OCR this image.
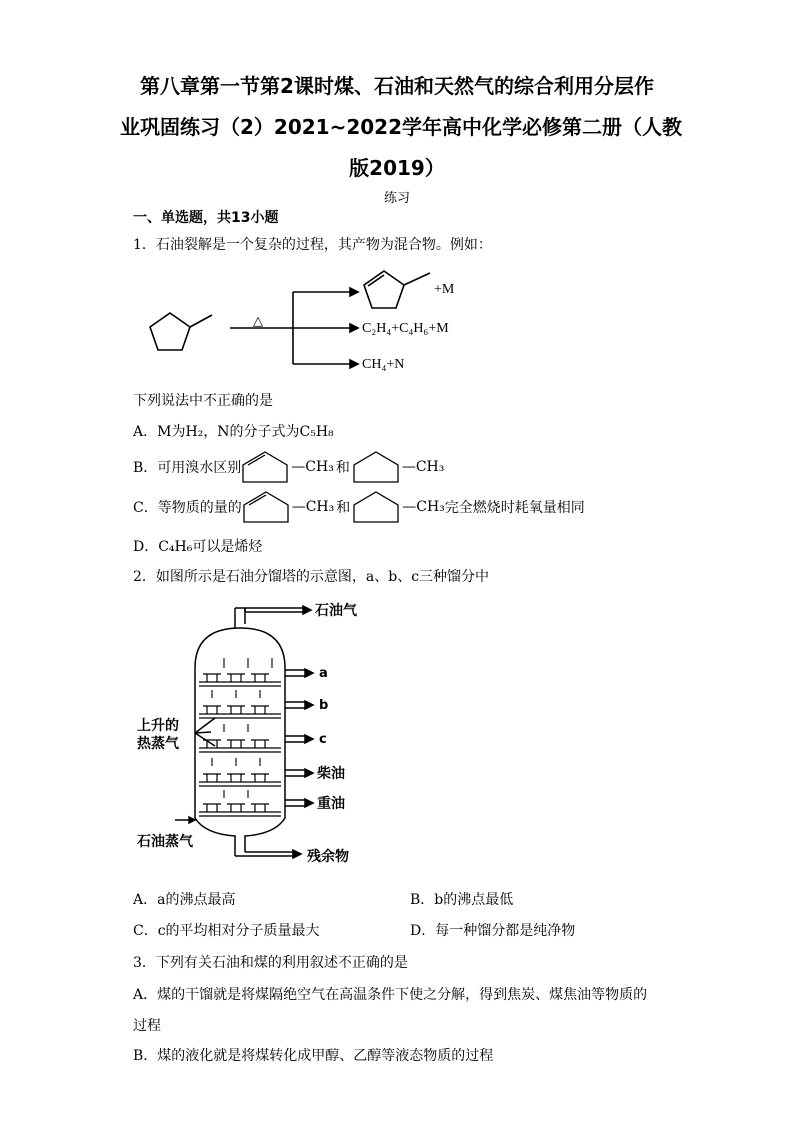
第八章第一节第2课时煤、石油和天然气的综合利用分层作
业巩固练习（2）2021~2022学年高中化学必修第二册（人教
版2019）
练习
一、单选题，共13小题
1．石油裂解是一个复杂的过程，其产物为混合物。例如：
△
+M
C₂H₄+C₄H₆+M
CH₄+N
下列说法中不正确的是
A．M为H₂，N的分子式为C₅H₈
B．可用溴水区别	—CH₃ 和	—CH₃
C．等物质的量的	—CH₃ 和	—CH₃ 完全燃烧时耗氧量相同
D．C₄H₆可以是烯烃
2．如图所示是石油分馏塔的示意图，a、b、c三种馏分中
石油气
a
b
c
柴油
重油
上升的
热蒸气
石油蒸气
残余物
A．a的沸点最高	B．b的沸点最低
C．c的平均相对分子质量最大	D．每一种馏分都是纯净物
3．下列有关石油和煤的利用叙述不正确的是
A．煤的干馏就是将煤隔绝空气在高温条件下使之分解，得到焦炭、煤焦油等物质的
过程
B．煤的液化就是将煤转化成甲醇、乙醇等液态物质的过程
